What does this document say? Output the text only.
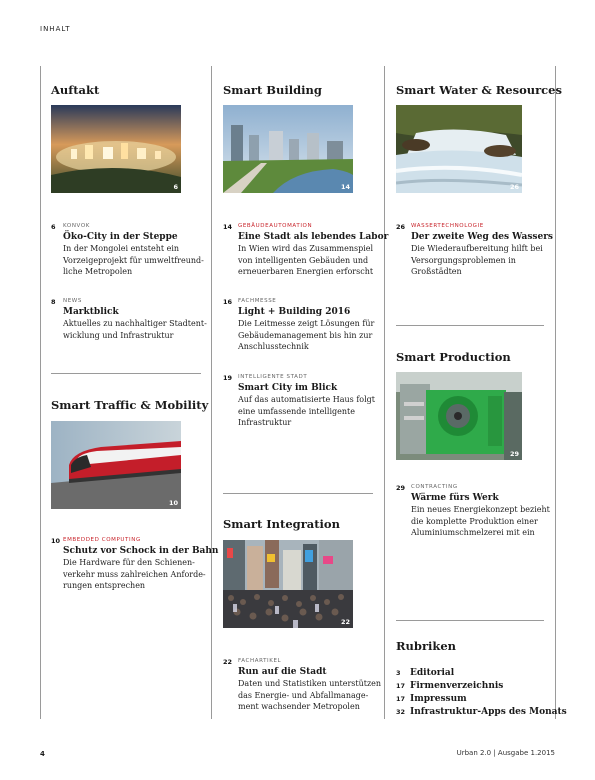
INHALT
Auftakt
6
6 KONVOK
Öko-City in der Steppe
In der Mongolei entsteht ein
Vorzeigeprojekt für umweltfreund-
liche Metropolen
8 NEWS
Marktblick
Aktuelles zu nachhaltiger Stadtent-
wicklung und Infrastruktur
Smart Traffic & Mobility
10
10 EMBEDDED COMPUTING
Schutz vor Schock in der Bahn
Die Hardware für den Schienen-
verkehr muss zahlreichen Anforde-
rungen entsprechen
Smart Building
14
14 GEBÄUDEAUTOMATION
Eine Stadt als lebendes Labor
In Wien wird das Zusammenspiel
von intelligenten Gebäuden und
erneuerbaren Energien erforscht
16 FACHMESSE
Light + Building 2016
Die Leitmesse zeigt Lösungen für
Gebäudemanagement bis hin zur
Anschlusstechnik
19 INTELLIGENTE STADT
Smart City im Blick
Auf das automatisierte Haus folgt
eine umfassende intelligente
Infrastruktur
Smart Integration
22
22 FACHARTIKEL
Run auf die Stadt
Daten und Statistiken unterstützen
das Energie- und Abfallmanage-
ment wachsender Metropolen
Smart Water & Resources
26
26 WASSERTECHNOLOGIE
Der zweite Weg des Wassers
Die Wiederaufbereitung hilft bei
Versorgungsproblemen in
Großstädten
Smart Production
29
29 CONTRACTING
Wärme fürs Werk
Ein neues Energiekonzept bezieht
die komplette Produktion einer
Aluminiumschmelzerei mit ein
Rubriken
3 Editorial
17 Firmenverzeichnis
17 Impressum
32 Infrastruktur-Apps des Monats
4	Urban 2.0 | Ausgabe 1.2015
